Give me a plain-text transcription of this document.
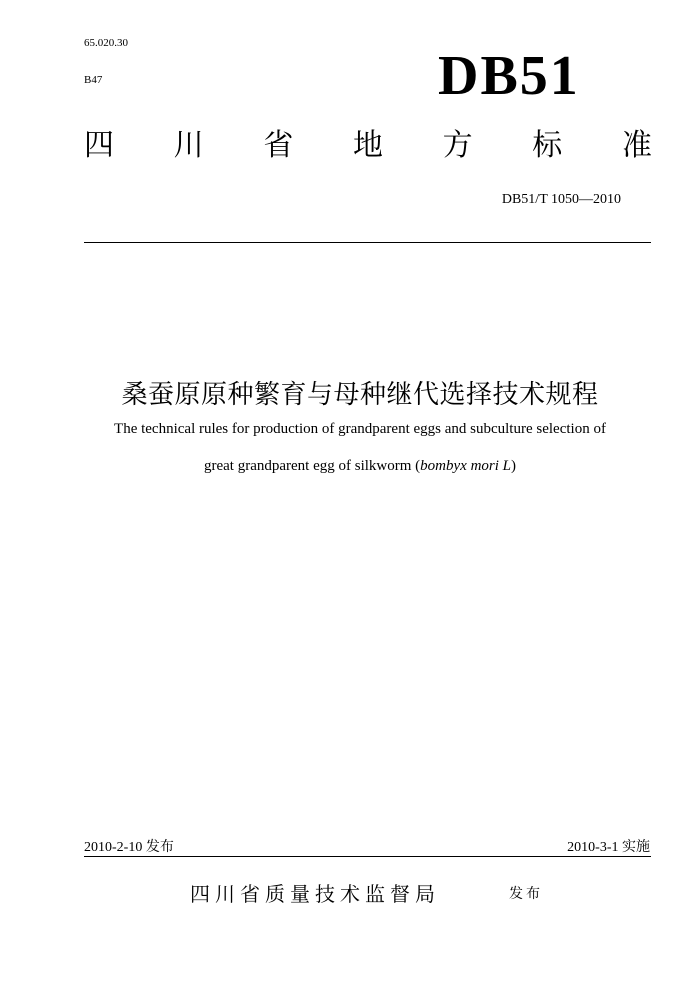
65.020.30
B47	DB51
四 川 省 地 方 标 准
DB51/T 1050—2010
桑蚕原原种繁育与母种继代选择技术规程
The technical rules for production of grandparent eggs and subculture selection of
great grandparent egg of silkworm (bombyx mori L)
2010-2-10 发布	2010-3-1 实施
四川省质量技术监督局	发布
